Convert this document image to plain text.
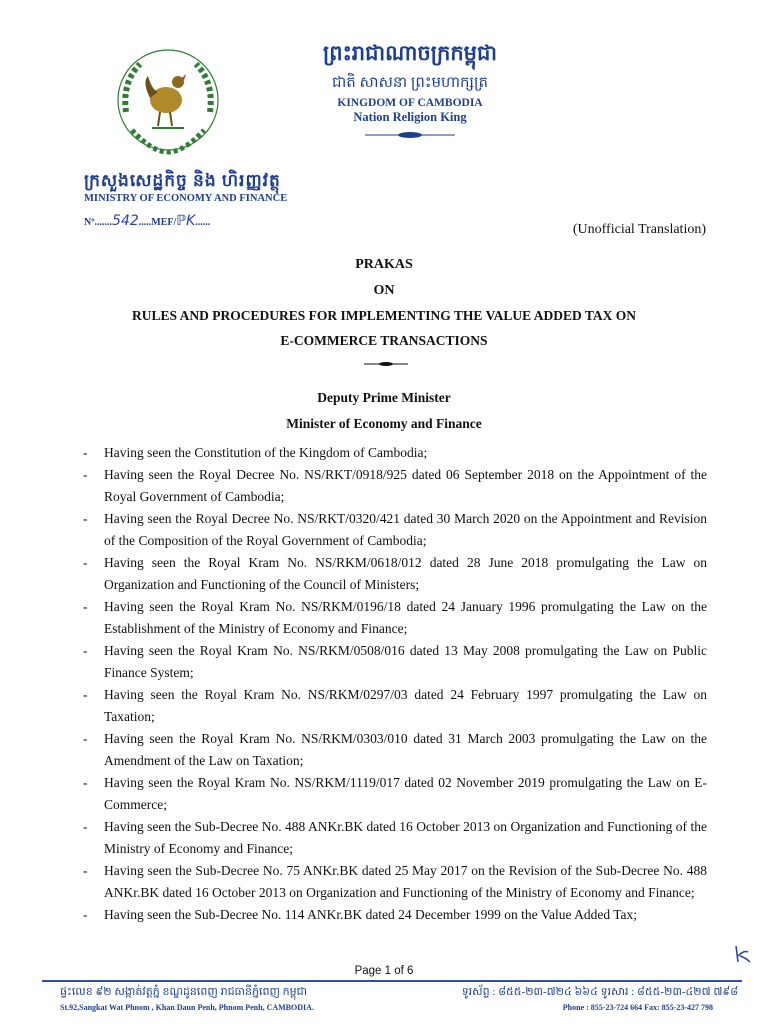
ក្រសួងសេដ្ឋកិច្ច និង ហិរញ្ញវត្ថុ
MINISTRY OF ECONOMY AND FINANCE
Nº.......542.....MEF/ℙK......
ព្រះរាជាណាចក្រកម្ពុជា
ជាតិ សាសនា ព្រះមហាក្សត្រ
KINGDOM OF CAMBODIA
Nation Religion King
(Unofficial Translation)
PRAKAS
ON
RULES AND PROCEDURES FOR IMPLEMENTING THE VALUE ADDED TAX ON
E-COMMERCE TRANSACTIONS
Deputy Prime Minister
Minister of Economy and Finance
- Having seen the Constitution of the Kingdom of Cambodia;
- Having seen the Royal Decree No. NS/RKT/0918/925 dated 06 September 2018 on the Appointment of the Royal Government of Cambodia;
- Having seen the Royal Decree No. NS/RKT/0320/421 dated 30 March 2020 on the Appointment and Revision of the Composition of the Royal Government of Cambodia;
- Having seen the Royal Kram No. NS/RKM/0618/012 dated 28 June 2018 promulgating the Law on Organization and Functioning of the Council of Ministers;
- Having seen the Royal Kram No. NS/RKM/0196/18 dated 24 January 1996 promulgating the Law on the Establishment of the Ministry of Economy and Finance;
- Having seen the Royal Kram No. NS/RKM/0508/016 dated 13 May 2008 promulgating the Law on Public Finance System;
- Having seen the Royal Kram No. NS/RKM/0297/03 dated 24 February 1997 promulgating the Law on Taxation;
- Having seen the Royal Kram No. NS/RKM/0303/010 dated 31 March 2003 promulgating the Law on the Amendment of the Law on Taxation;
- Having seen the Royal Kram No. NS/RKM/1119/017 dated 02 November 2019 promulgating the Law on E-Commerce;
- Having seen the Sub-Decree No. 488 ANKr.BK dated 16 October 2013 on Organization and Functioning of the Ministry of Economy and Finance;
- Having seen the Sub-Decree No. 75 ANKr.BK dated 25 May 2017 on the Revision of the Sub-Decree No. 488 ANKr.BK dated 16 October 2013 on Organization and Functioning of the Ministry of Economy and Finance;
- Having seen the Sub-Decree No. 114 ANKr.BK dated 24 December 1999 on the Value Added Tax;
Page 1 of 6
ផ្ទះលេខ ៩២ សង្កាត់វត្តភ្នំ ខណ្ឌដូនពេញ រាជធានីភ្នំពេញ កម្ពុជា
St.92,Sangkat Wat Phnom , Khan Daun Penh, Phnom Penh, CAMBODIA.
ទូរស័ព្ទ : ៨៥៥-២៣-៧២៤ ៦៦៤ ទូរសារ : ៨៥៥-២៣-៤២៧ ៧៩៨
Phone : 855-23-724 664 Fax: 855-23-427 798
